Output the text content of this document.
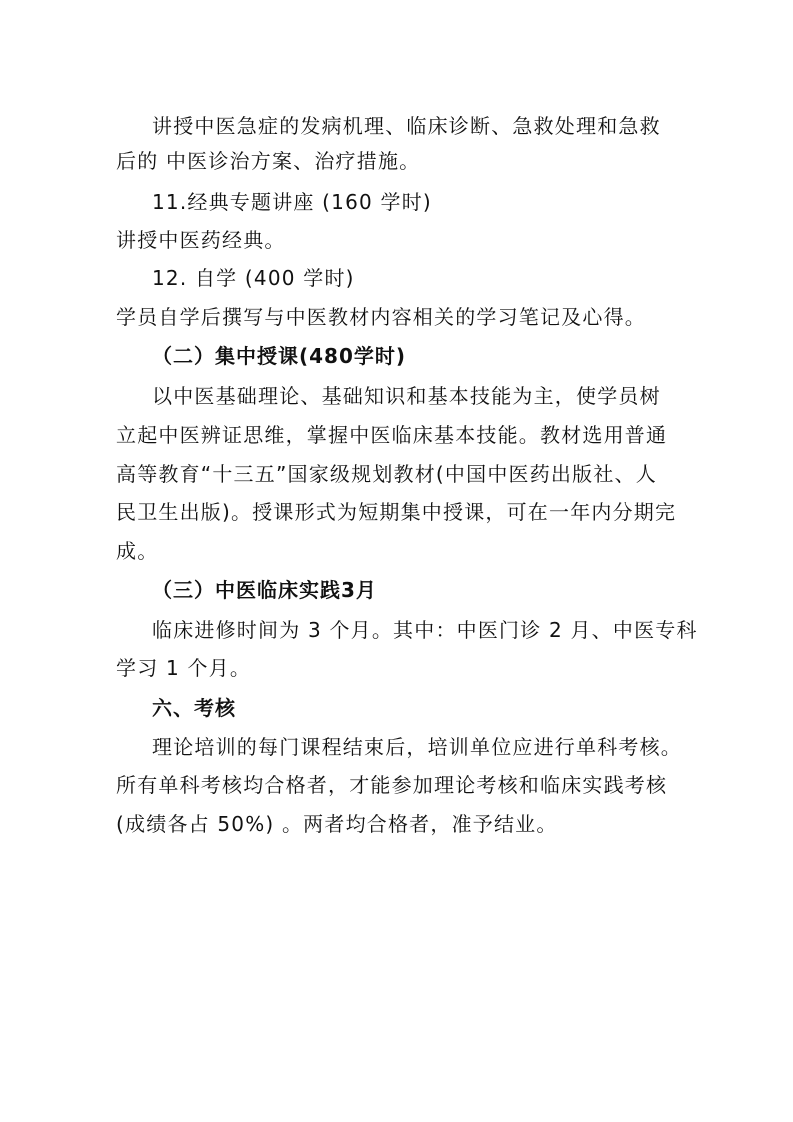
讲授中医急症的发病机理、临床诊断、急救处理和急救
后的 中医诊治方案、治疗措施。
11.经典专题讲座 (160 学时)
讲授中医药经典。
12. 自学 (400 学时)
学员自学后撰写与中医教材内容相关的学习笔记及心得。
（二）集中授课(480学时)
以中医基础理论、基础知识和基本技能为主，使学员树
立起中医辨证思维，掌握中医临床基本技能。教材选用普通
高等教育“十三五”国家级规划教材(中国中医药出版社、人
民卫生出版)。授课形式为短期集中授课，可在一年内分期完
成。
（三）中医临床实践3月
临床进修时间为 3 个月。其中：中医门诊 2 月、中医专科
学习 1 个月。
六、考核
理论培训的每门课程结束后，培训单位应进行单科考核。
所有单科考核均合格者，才能参加理论考核和临床实践考核
(成绩各占 50%) 。两者均合格者，准予结业。
